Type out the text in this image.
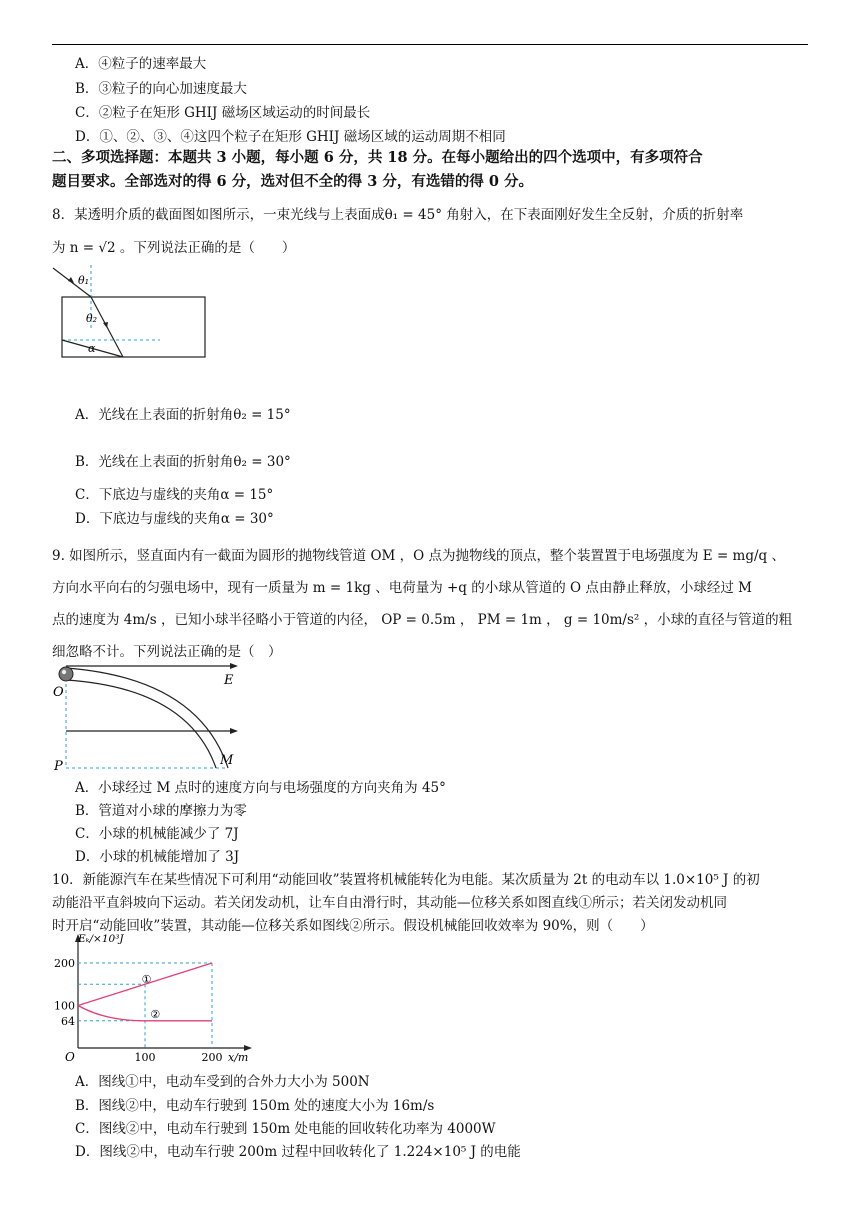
A．④粒子的速率最大
B．③粒子的向心加速度最大
C．②粒子在矩形 GHIJ 磁场区域运动的时间最长
D．①、②、③、④这四个粒子在矩形 GHIJ 磁场区域的运动周期不相同
二、多项选择题：本题共 3 小题，每小题 6 分，共 18 分。在每小题给出的四个选项中，有多项符合
题目要求。全部选对的得 6 分，选对但不全的得 3 分，有选错的得 0 分。
8．某透明介质的截面图如图所示，一束光线与上表面成θ₁ = 45° 角射入，在下表面刚好发生全反射，介质的折射率
为 n = √2 。下列说法正确的是（　　）
θ₁
θ₂
α
A．光线在上表面的折射角θ₂ = 15°
B．光线在上表面的折射角θ₂ = 30°
C．下底边与虚线的夹角α = 15°
D．下底边与虚线的夹角α = 30°
9. 如图所示，竖直面内有一截面为圆形的抛物线管道 OM ，O 点为抛物线的顶点，整个装置置于电场强度为 E = mg/q 、
方向水平向右的匀强电场中，现有一质量为 m = 1kg 、电荷量为 +q 的小球从管道的 O 点由静止释放，小球经过 M
点的速度为 4m/s ，已知小球半径略小于管道的内径， OP = 0.5m ， PM = 1m ， g = 10m/s² ，小球的直径与管道的粗
细忽略不计。下列说法正确的是（　）
E
O
P	M
A．小球经过 M 点时的速度方向与电场强度的方向夹角为 45°
B．管道对小球的摩擦力为零
C．小球的机械能减少了 7J
D．小球的机械能增加了 3J
10．新能源汽车在某些情况下可利用“动能回收”装置将机械能转化为电能。某次质量为 2t 的电动车以 1.0×10⁵ J 的初
动能沿平直斜坡向下运动。若关闭发动机，让车自由滑行时，其动能—位移关系如图直线①所示；若关闭发动机同
时开启“动能回收”装置，其动能—位移关系如图线②所示。假设机械能回收效率为 90%，则（　　）
①
②
64
100
200
100	200
Eₖ/×10³J
x/m
O
A．图线①中，电动车受到的合外力大小为 500N
B．图线②中，电动车行驶到 150m 处的速度大小为 16m/s
C．图线②中，电动车行驶到 150m 处电能的回收转化功率为 4000W
D．图线②中，电动车行驶 200m 过程中回收转化了 1.224×10⁵ J 的电能
